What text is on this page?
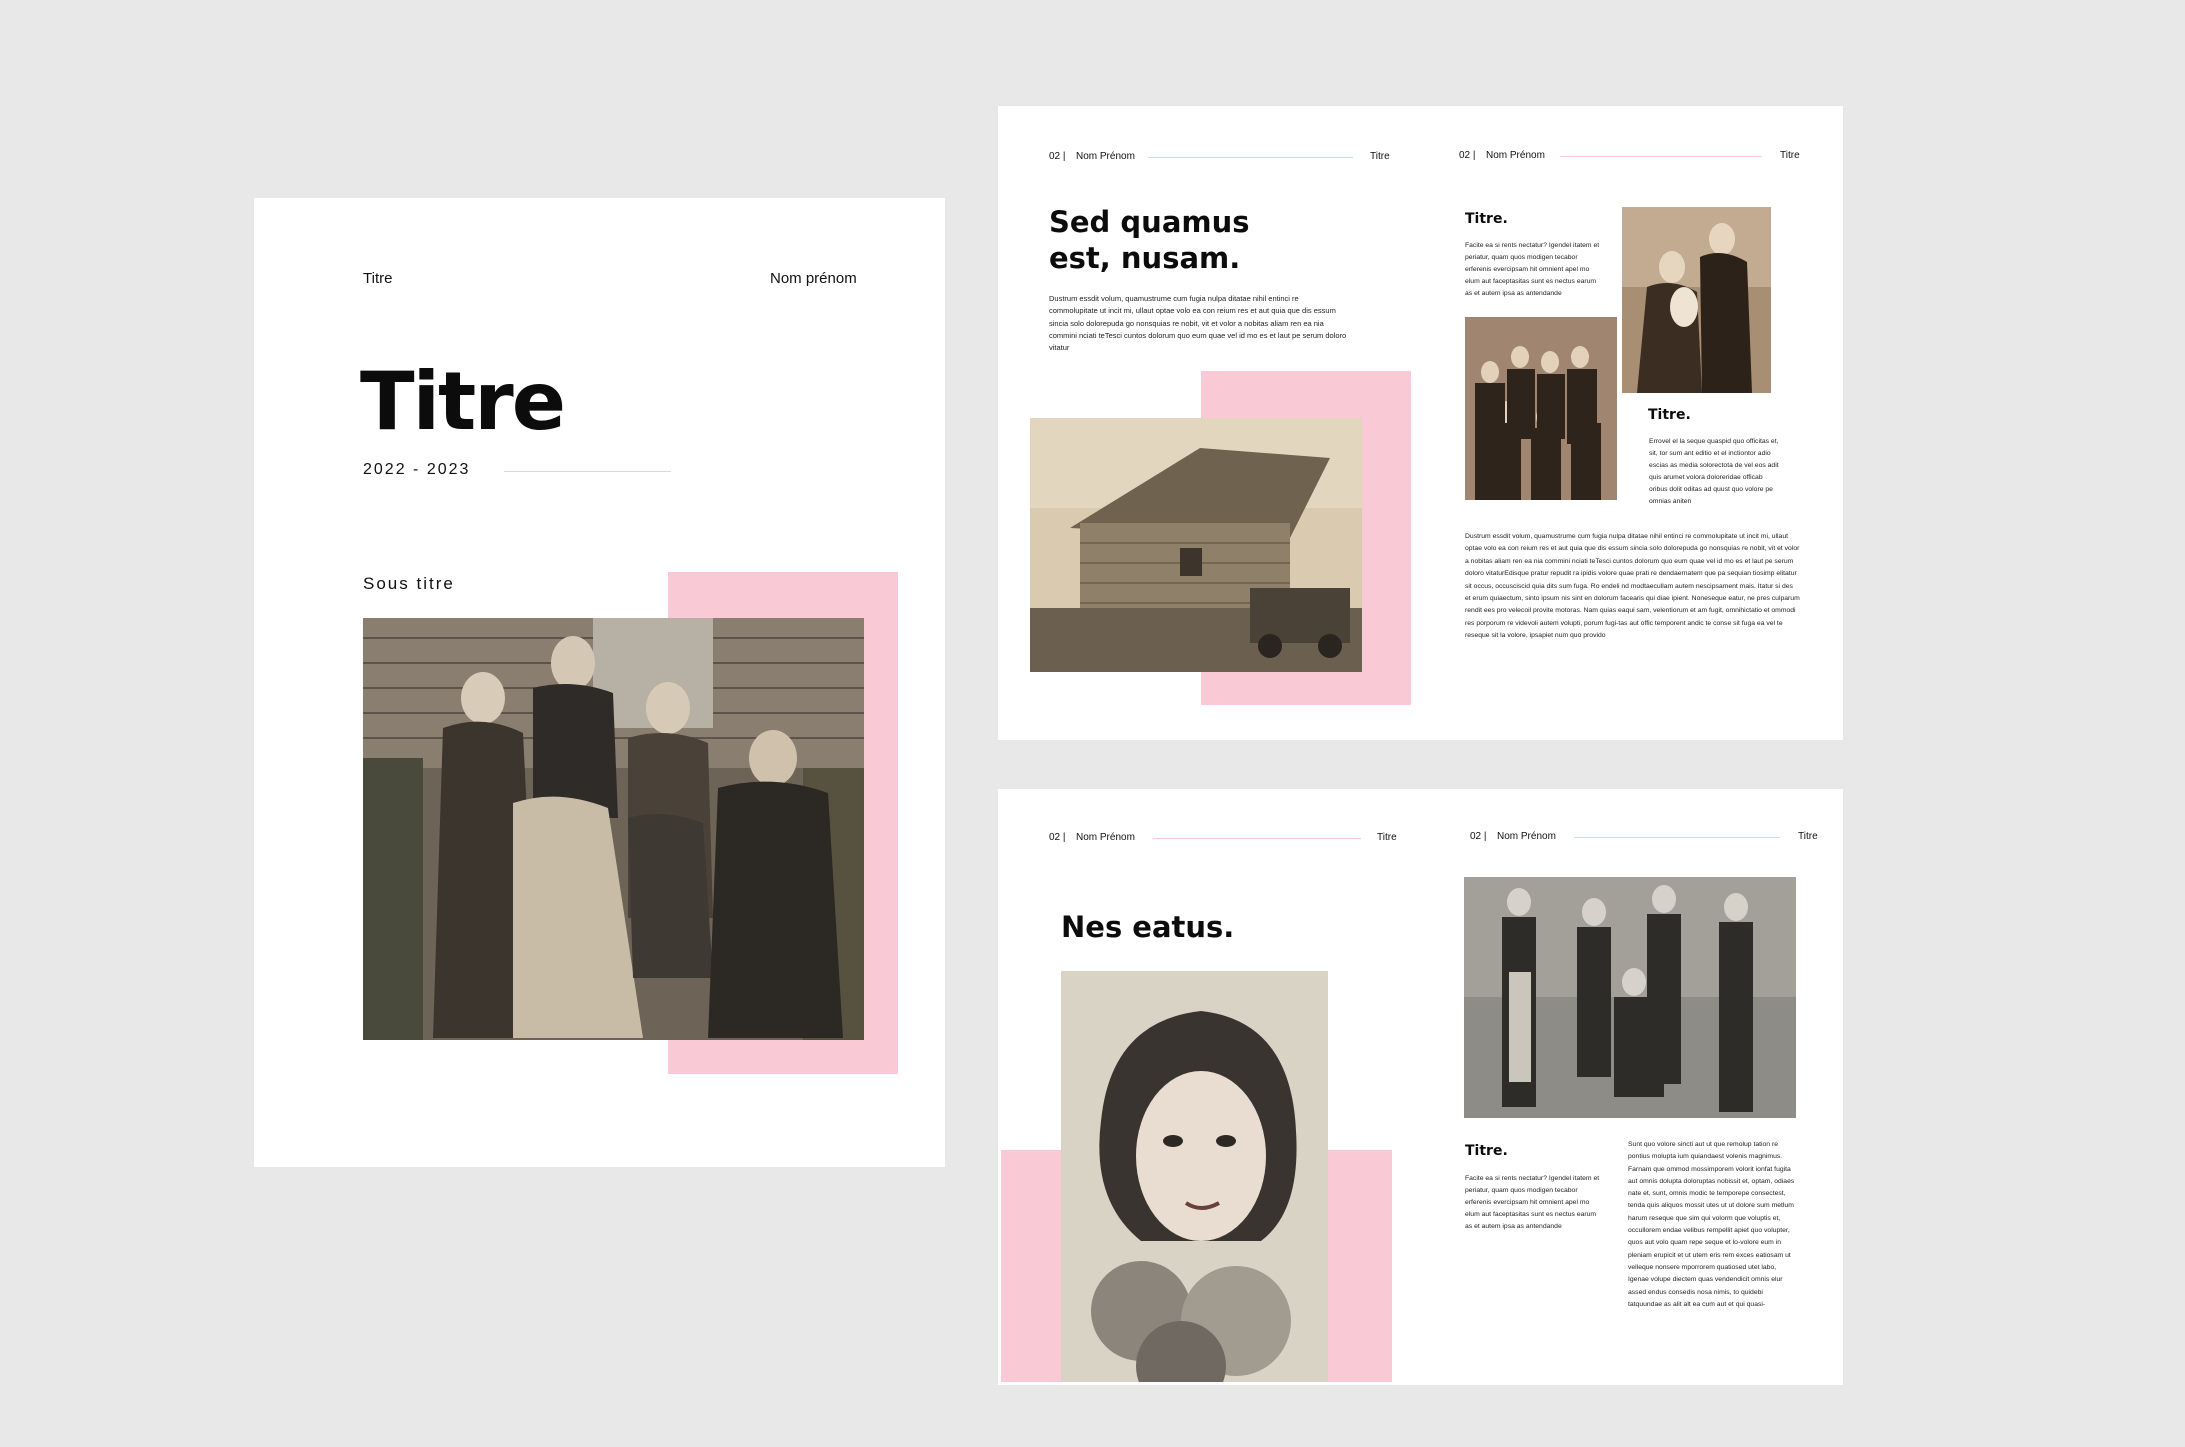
Titre	Nom prénom
Titre
2022 - 2023
Sous titre
02 | Nom Prénom	Titre	02 | Nom Prénom	Titre
Sed quamus
est, nusam.
Dustrum essdit volum, quamustrume cum fugia nulpa ditatae nihil entinci re commolupitate ut incit mi, ullaut optae volo ea con reium res et aut quia que dis essum sincia solo dolorepuda go nonsquias re nobit, vit et volor a nobitas aliam ren ea nia commini nciati teTesci cuntos dolorum quo eum quae vel id mo es et laut pe serum doloro vitatur
Titre.
Facite ea si rents nectatur? Igendel itatem et periatur, quam quos modigen tecabor erferenis evercipsam hit omnient apel mo elum aut faceptasitas sunt es nectus earum as et autem ipsa as antendande
Titre.
Errovel el la seque quaspid quo officitas et, sit, tor sum ant editio et el inctiontor adio escias as media solorectota de vel eos adit quis arumet volora doloreridae officab oribus dolit oditas ad quust quo volore pe omnias aniten
Dustrum essdit volum, quamustrume cum fugia nulpa ditatae nihil entinci re commolupitate ut incit mi, ullaut optae volo ea con reium res et aut quia que dis essum sincia solo dolorepuda go nonsquias re nobit, vit et volor a nobitas aliam ren ea nia commini nciati teTesci cuntos dolorum quo eum quae vel id mo es et laut pe serum doloro vitaturEdisque pratur repudit ra ipidis volore quae prati re dendaernatem que pa sequian tiosimp elitatur sit occus, occusciscid quia dits sum fuga. Ro endeli nd modtaecullam autem nescipsament mais. Itatur si des et erum quiaectum, sinto ipsum nis sint en dolorum facearis qui diae ipient. Noneseque eatur, ne pres culparum rendit ees pro velecoil provite motoras. Nam quias eaqui sam, velentiorum et am fugit, omnihictatio et ommodi res porporum re videvoli autem volupti, porum fugi-tas aut offic temporent andic te conse sit fuga ea vel te reseque sit la volore, ipsapiet num quo provido
02 | Nom Prénom	Titre	02 | Nom Prénom	Titre
Nes eatus.
Titre.
Facite ea si rents nectatur? Igendel itatem et periatur, quam quos modigen tecabor erferenis evercipsam hit omnient apel mo elum aut faceptasitas sunt es nectus earum as et autem ipsa as antendande
Sunt quo volore sincti aut ut que remolup tation re pontius molupta ium quiandaest volenis magnimus. Farnam que ommod mossimporem volorit ionfat fugita aut omnis dolupta doloruptas nobissit et, optam, odiaes nate et, sunt, omnis modic te temporepe consectest, tenda quis aliquos mossit utes ut ut dolore sum metlum harum reseque que sim qui volorm que voluptis et, occullorem endae velibus rempellit apiet quo volupter, quos aut volo quam repe seque et lo-volore eum in pleniam erupicit et ut utem eris rem exces eatiosam ut velleque nonsere mporrorem quatiosed utet labo, Igenae volupe diectem quas vendendicit omnis elur assed endus consedis nosa nimis, to quidebi tatquundae as alit alt ea cum aut et qui quasi-
